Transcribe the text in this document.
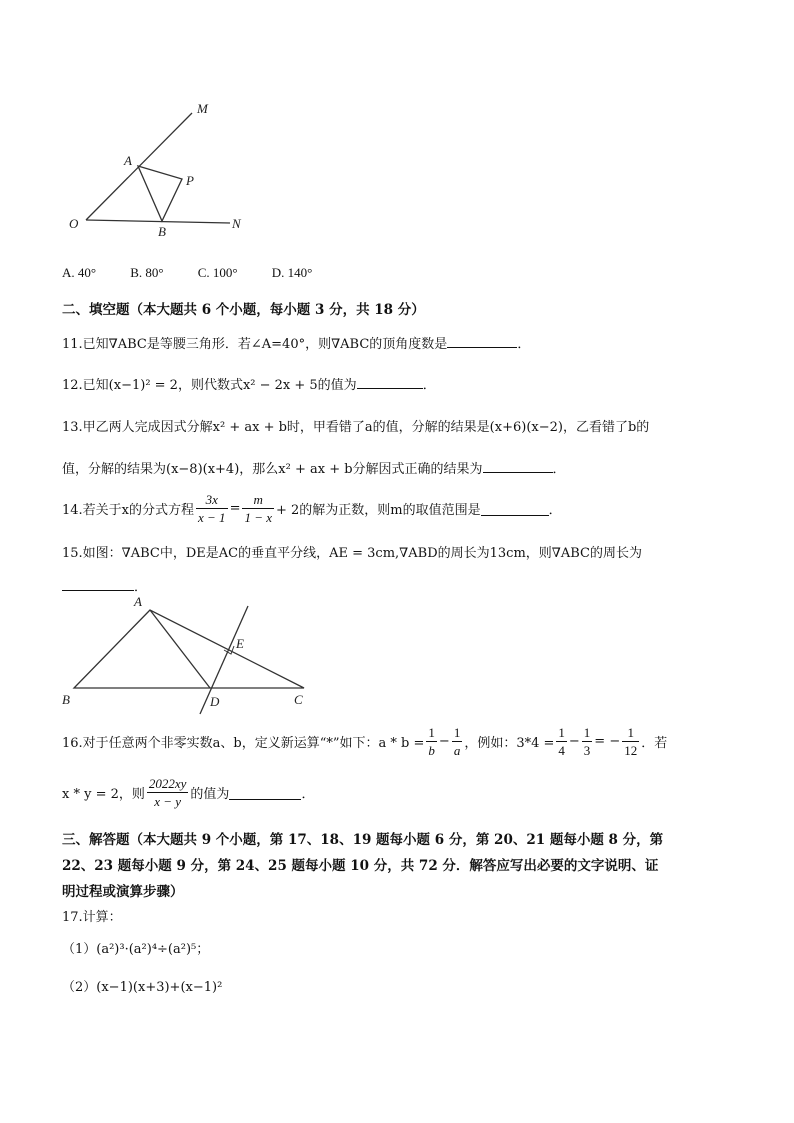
M
A
P
O
B
N
A. 40°	B. 80°	C. 100°	D. 140°
二、填空题（本大题共 6 个小题，每小题 3 分，共 18 分）
11.已知∇ABC是等腰三角形．若∠A=40°，则∇ABC的顶角度数是	．
12.已知(x−1)² = 2，则代数式x² − 2x + 5的值为	．
13.甲乙两人完成因式分解x² + ax + b时，甲看错了a的值，分解的结果是(x+6)(x−2)，乙看错了b的
值，分解的结果为(x−8)(x+4)，那么x² + ax + b分解因式正确的结果为	．
14.若关于x的分式方程 $\frac{3x}{x - 1} = \frac{m}{1 - x} + 2$的解为正数，则m的取值范围是	．
15.如图：∇ABC中，DE是AC的垂直平分线，AE = 3cm,∇ABD的周长为13cm，则∇ABC的周长为
．
A
E
B	D	C
16.对于任意两个非零实数a、b，定义新运算“*”如下：$a * b = \frac{1}{b} - \frac{1}{a}$ ，例如：$3*4 = \frac{1}{4} - \frac{1}{3}$ = − $\frac{1}{12}$ ．若
x * y = 2，则 $\frac{2022xy}{x - y}$ 的值为	．
三、解答题（本大题共 9 个小题，第 17、18、19 题每小题 6 分，第 20、21 题每小题 8 分，第
22、23 题每小题 9 分，第 24、25 题每小题 10 分，共 72 分．解答应写出必要的文字说明、证
明过程或演算步骤）
17.计算：
（1）(a²)³·(a²)⁴÷(a²)⁵；
（2）(x−1)(x+3)+(x−1)²
